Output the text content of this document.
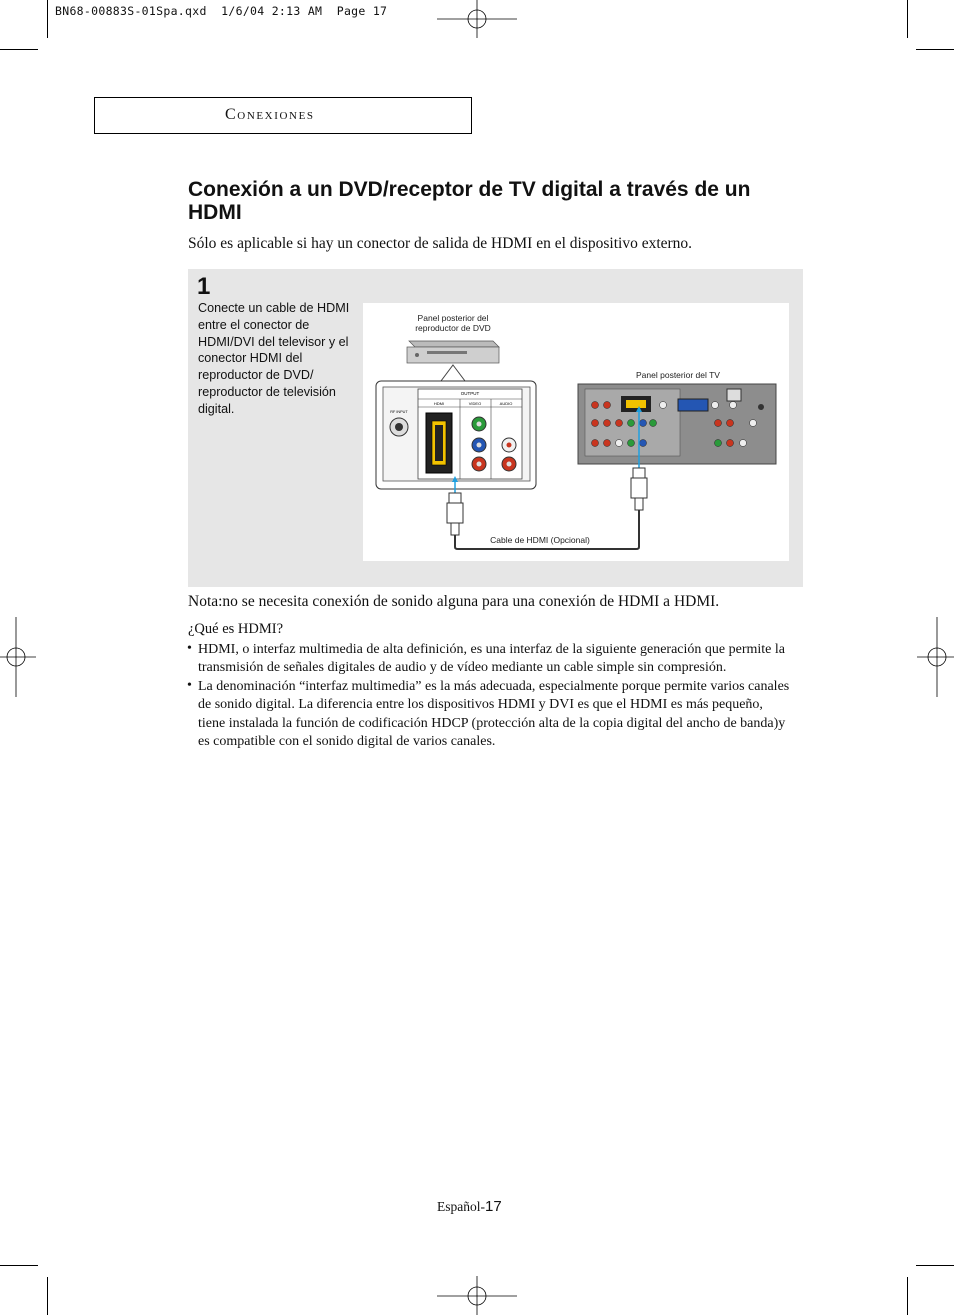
BN68-00883S-01Spa.qxd  1/6/04 2:13 AM  Page 17
Conexiones
Conexión a un DVD/receptor de TV digital a través de un HDMI
Sólo es aplicable si hay un conector de salida de HDMI en el dispositivo externo.
1
Conecte un cable de HDMI entre el conector de HDMI/DVI del televisor y el conector HDMI del reproductor de DVD/ reproductor de televisión digital.
Panel posterior del reproductor de DVD
Panel posterior del TV
Cable de HDMI (Opcional)
OUTPUT
HDMI	VIDEO	AUDIO
RF INPUT
Nota:no se necesita conexión de sonido alguna para una conexión de HDMI a HDMI.
¿Qué es HDMI?
• HDMI, o interfaz multimedia de alta definición, es una interfaz de la siguiente generación que permite la transmisión de señales digitales de audio y de vídeo mediante un cable simple sin compresión.
• La denominación “interfaz multimedia” es la más adecuada, especialmente porque permite varios canales de sonido digital. La diferencia entre los dispositivos HDMI y DVI es que el HDMI es más pequeño, tiene instalada la función de codificación HDCP (protección alta de la copia digital del ancho de banda)y es compatible con el sonido digital de varios canales.
Español-17
